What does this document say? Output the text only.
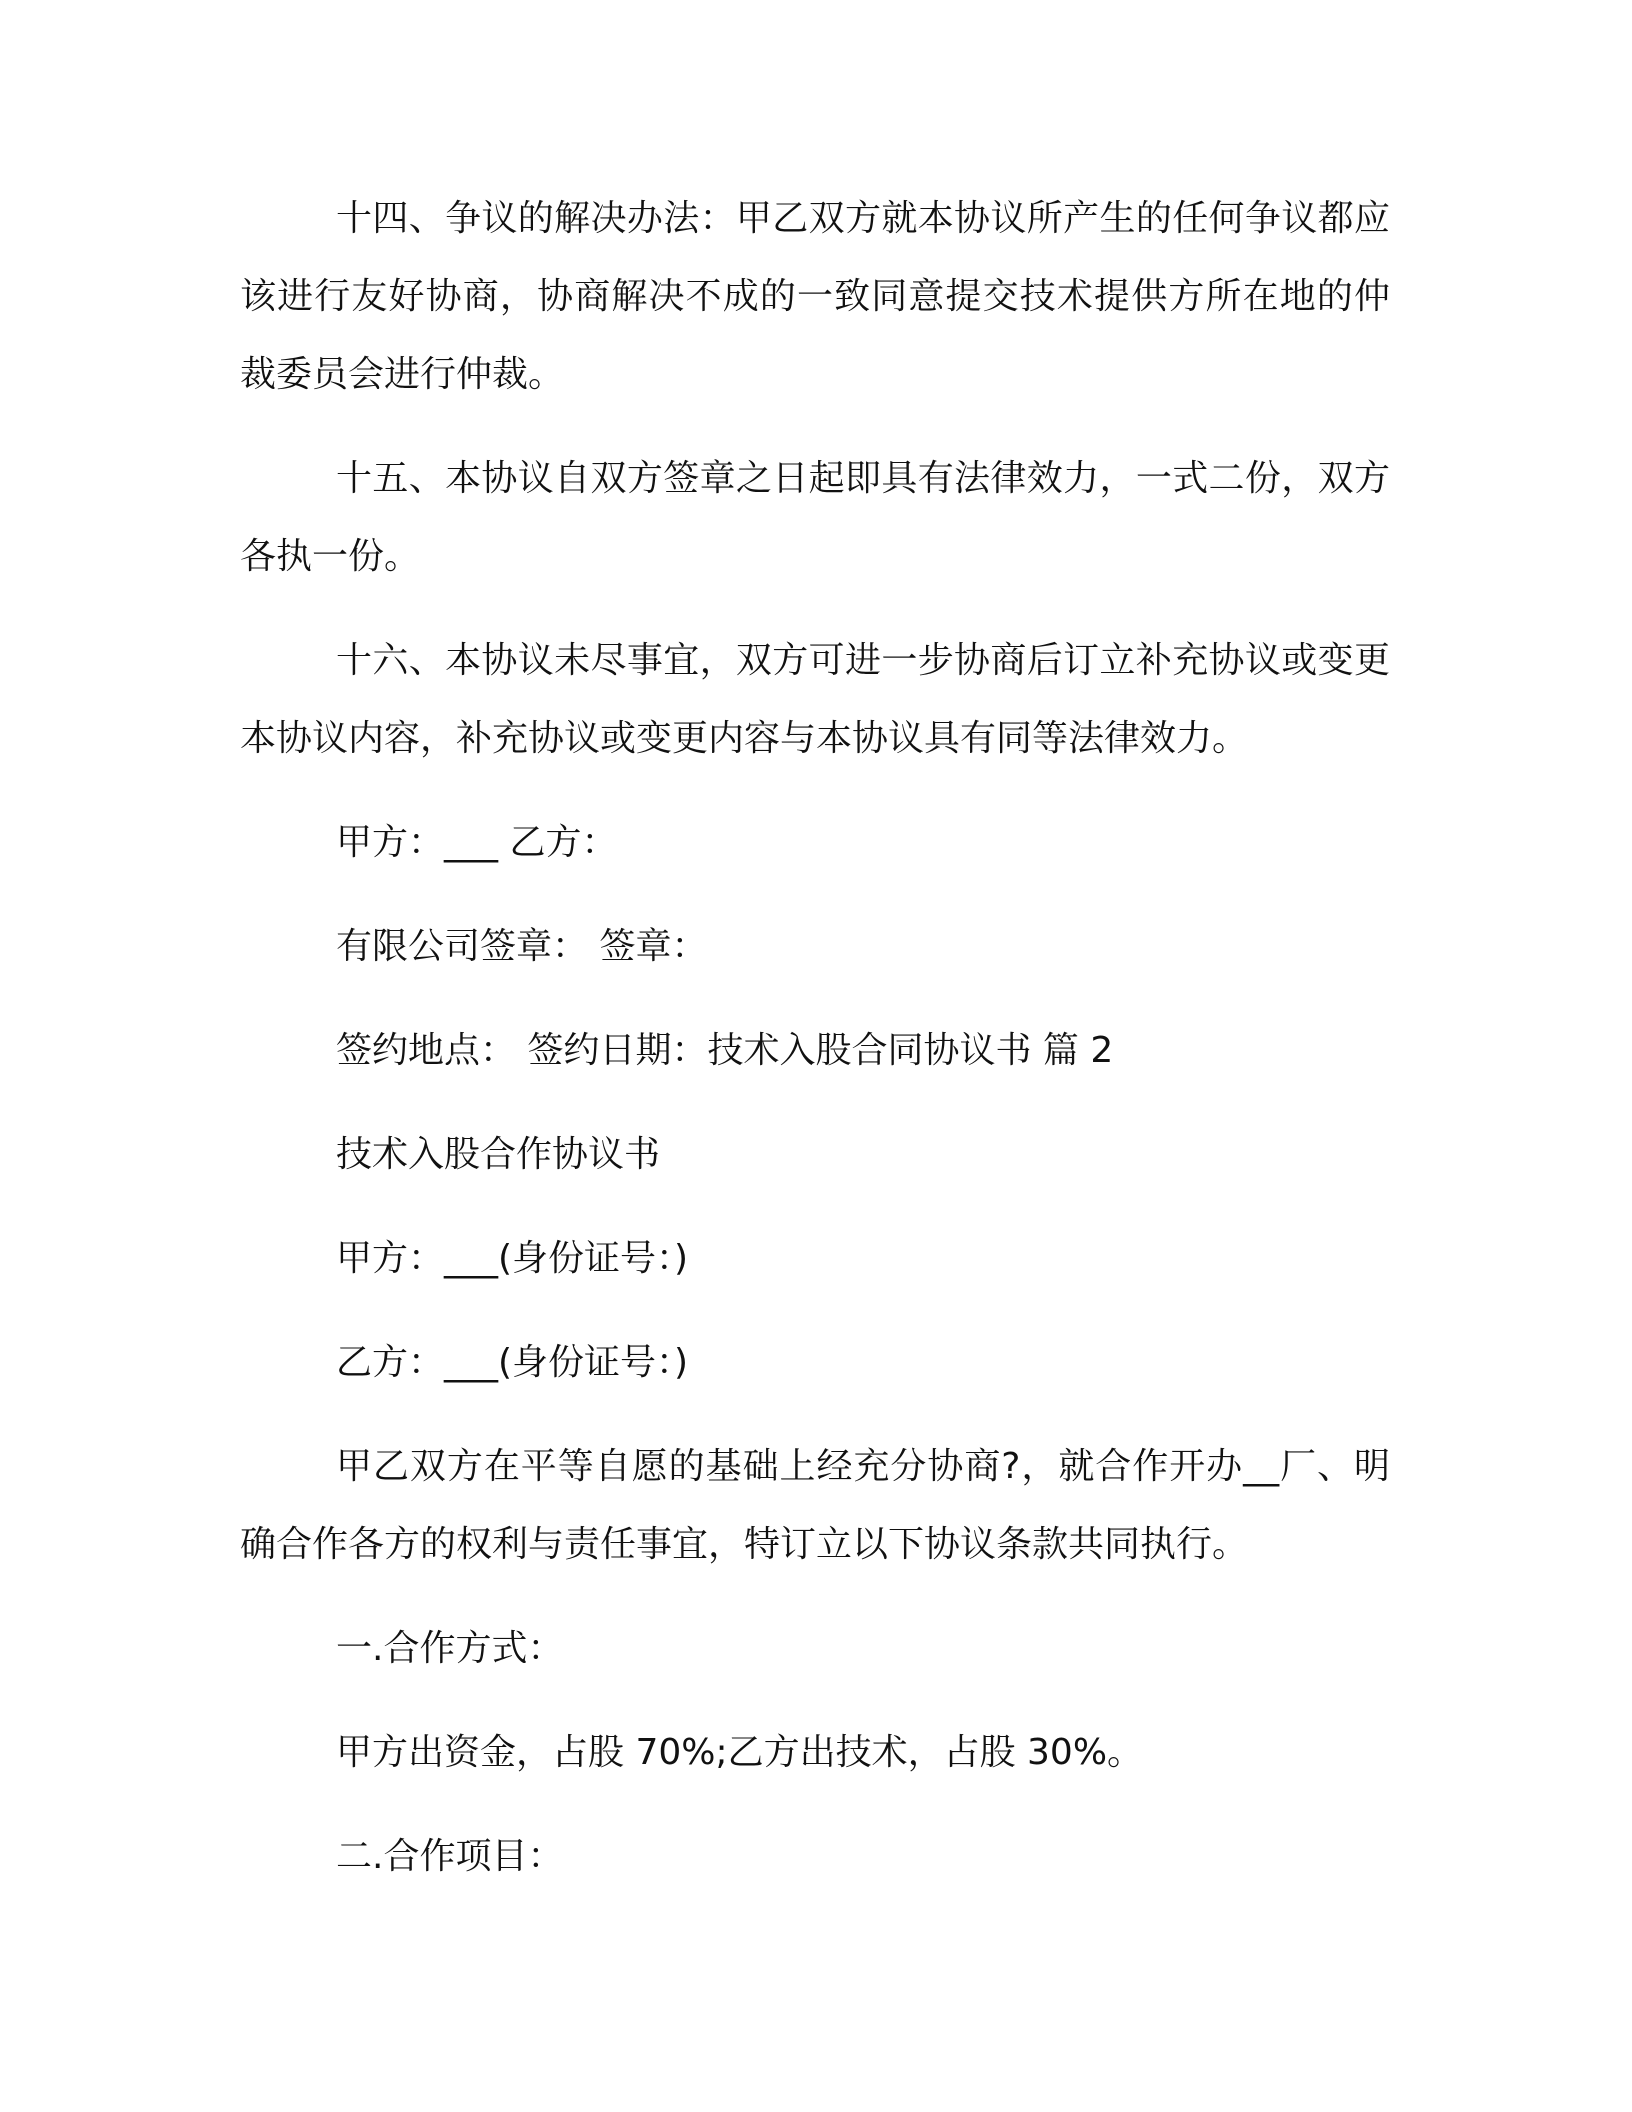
十四、争议的解决办法：甲乙双方就本协议所产生的任何争议都应该进行友好协商，协商解决不成的一致同意提交技术提供方所在地的仲裁委员会进行仲裁。

十五、本协议自双方签章之日起即具有法律效力，一式二份，双方各执一份。

十六、本协议未尽事宜，双方可进一步协商后订立补充协议或变更本协议内容，补充协议或变更内容与本协议具有同等法律效力。

甲方：___ 乙方：

有限公司签章： 签章：

签约地点： 签约日期：技术入股合同协议书 篇 2

技术入股合作协议书

甲方：___(身份证号：)

乙方：___(身份证号：)

甲乙双方在平等自愿的基础上经充分协商?，就合作开办__厂、明确合作各方的权利与责任事宜，特订立以下协议条款共同执行。

一.合作方式：

甲方出资金，占股 70%;乙方出技术，占股 30%。

二.合作项目：
